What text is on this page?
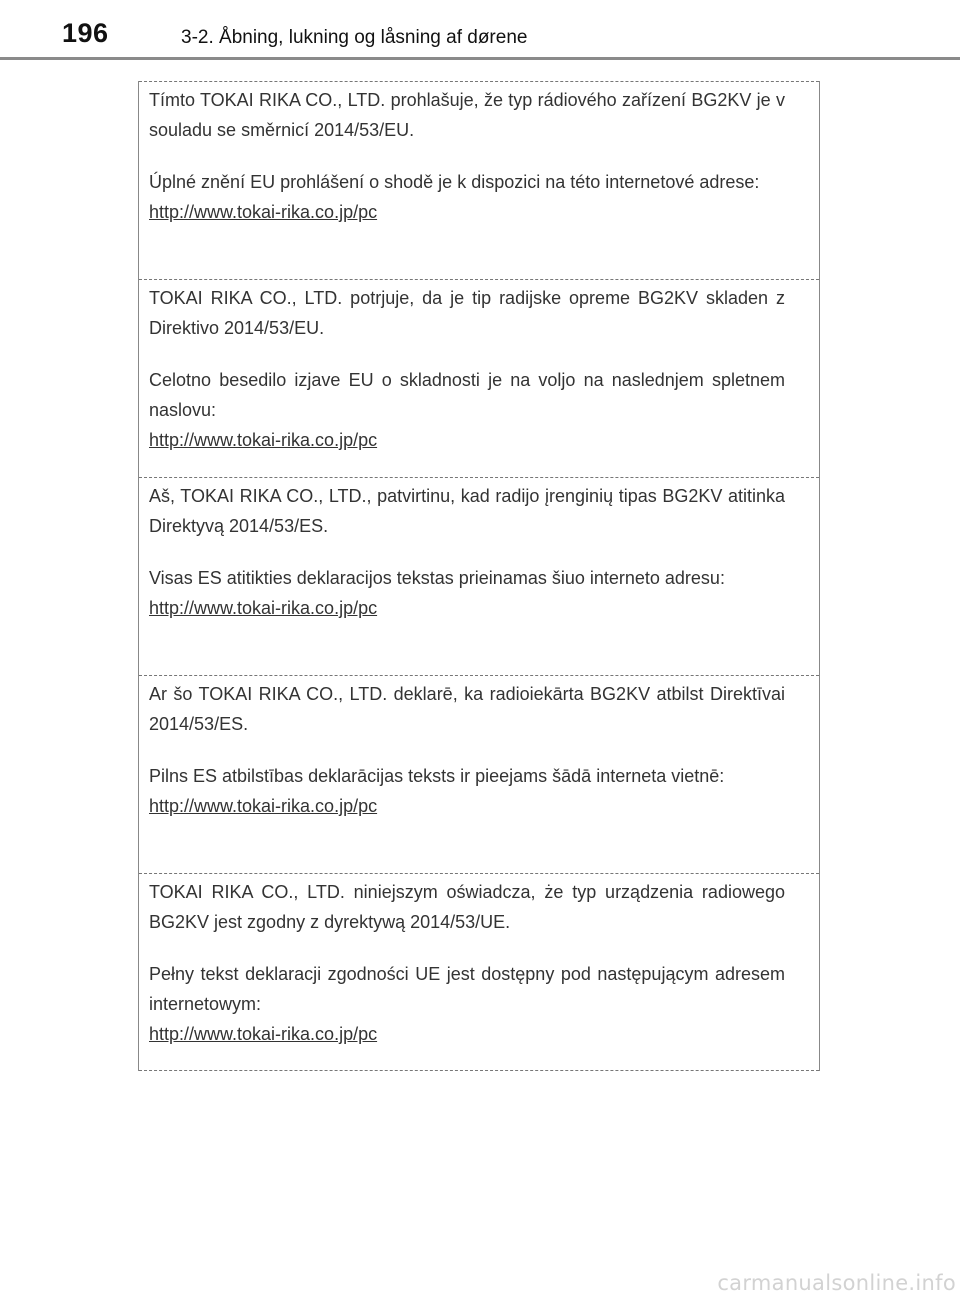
196	3-2. Åbning, lukning og låsning af dørene

Tímto TOKAI RIKA CO., LTD. prohlašuje, že typ rádiového zařízení BG2KV je v souladu se směrnicí 2014/53/EU.

Úplné znění EU prohlášení o shodě je k dispozici na této internetové adrese:

http://www.tokai-rika.co.jp/pc

TOKAI RIKA CO., LTD. potrjuje, da je tip radijske opreme BG2KV skladen z Direktivo 2014/53/EU.

Celotno besedilo izjave EU o skladnosti je na voljo na naslednjem spletnem naslovu:

http://www.tokai-rika.co.jp/pc

Aš, TOKAI RIKA CO., LTD., patvirtinu, kad radijo įrenginių tipas BG2KV atitinka Direktyvą 2014/53/ES.

Visas ES atitikties deklaracijos tekstas prieinamas šiuo interneto adresu:

http://www.tokai-rika.co.jp/pc

Ar šo TOKAI RIKA CO., LTD. deklarē, ka radioiekārta BG2KV atbilst Direktīvai 2014/53/ES.

Pilns ES atbilstības deklarācijas teksts ir pieejams šādā interneta vietnē:

http://www.tokai-rika.co.jp/pc

TOKAI RIKA CO., LTD. niniejszym oświadcza, że typ urządzenia radiowego BG2KV jest zgodny z dyrektywą 2014/53/UE.

Pełny tekst deklaracji zgodności UE jest dostępny pod następującym adresem internetowym:

http://www.tokai-rika.co.jp/pc

carmanualsonline.info
